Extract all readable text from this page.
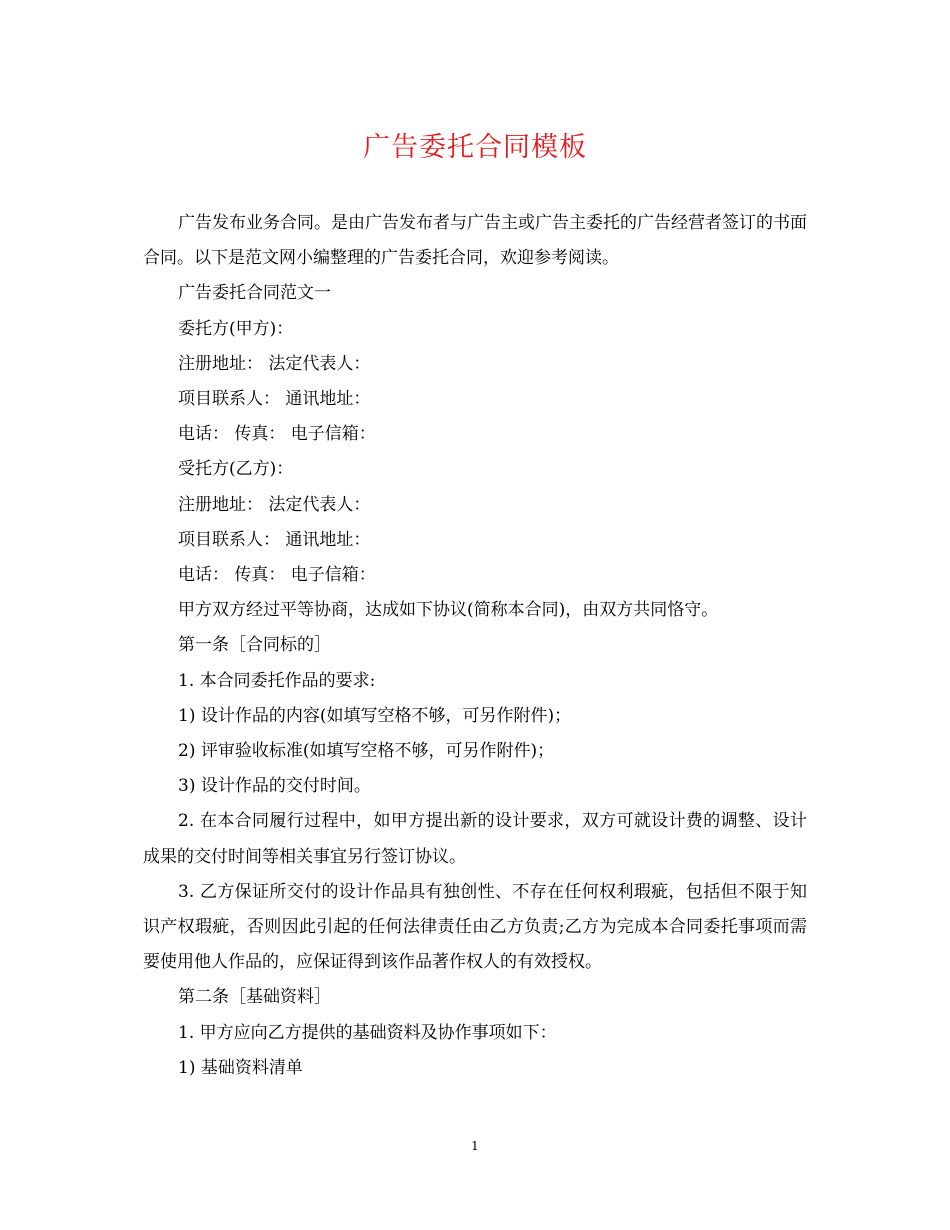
广告委托合同模板

广告发布业务合同。是由广告发布者与广告主或广告主委托的广告经营者签订的书面合同。以下是范文网小编整理的广告委托合同，欢迎参考阅读。

广告委托合同范文一

委托方(甲方)：

注册地址： 法定代表人：

项目联系人： 通讯地址：

电话： 传真： 电子信箱：

受托方(乙方)：

注册地址： 法定代表人：

项目联系人： 通讯地址：

电话： 传真： 电子信箱：

甲方双方经过平等协商，达成如下协议(简称本合同)，由双方共同恪守。

第一条［合同标的］

1. 本合同委托作品的要求:

1) 设计作品的内容(如填写空格不够，可另作附件)；

2) 评审验收标准(如填写空格不够，可另作附件)；

3) 设计作品的交付时间。

2. 在本合同履行过程中，如甲方提出新的设计要求，双方可就设计费的调整、设计成果的交付时间等相关事宜另行签订协议。

3. 乙方保证所交付的设计作品具有独创性、不存在任何权利瑕疵，包括但不限于知识产权瑕疵，否则因此引起的任何法律责任由乙方负责;乙方为完成本合同委托事项而需要使用他人作品的，应保证得到该作品著作权人的有效授权。

第二条［基础资料］

1. 甲方应向乙方提供的基础资料及协作事项如下：

1) 基础资料清单

1
